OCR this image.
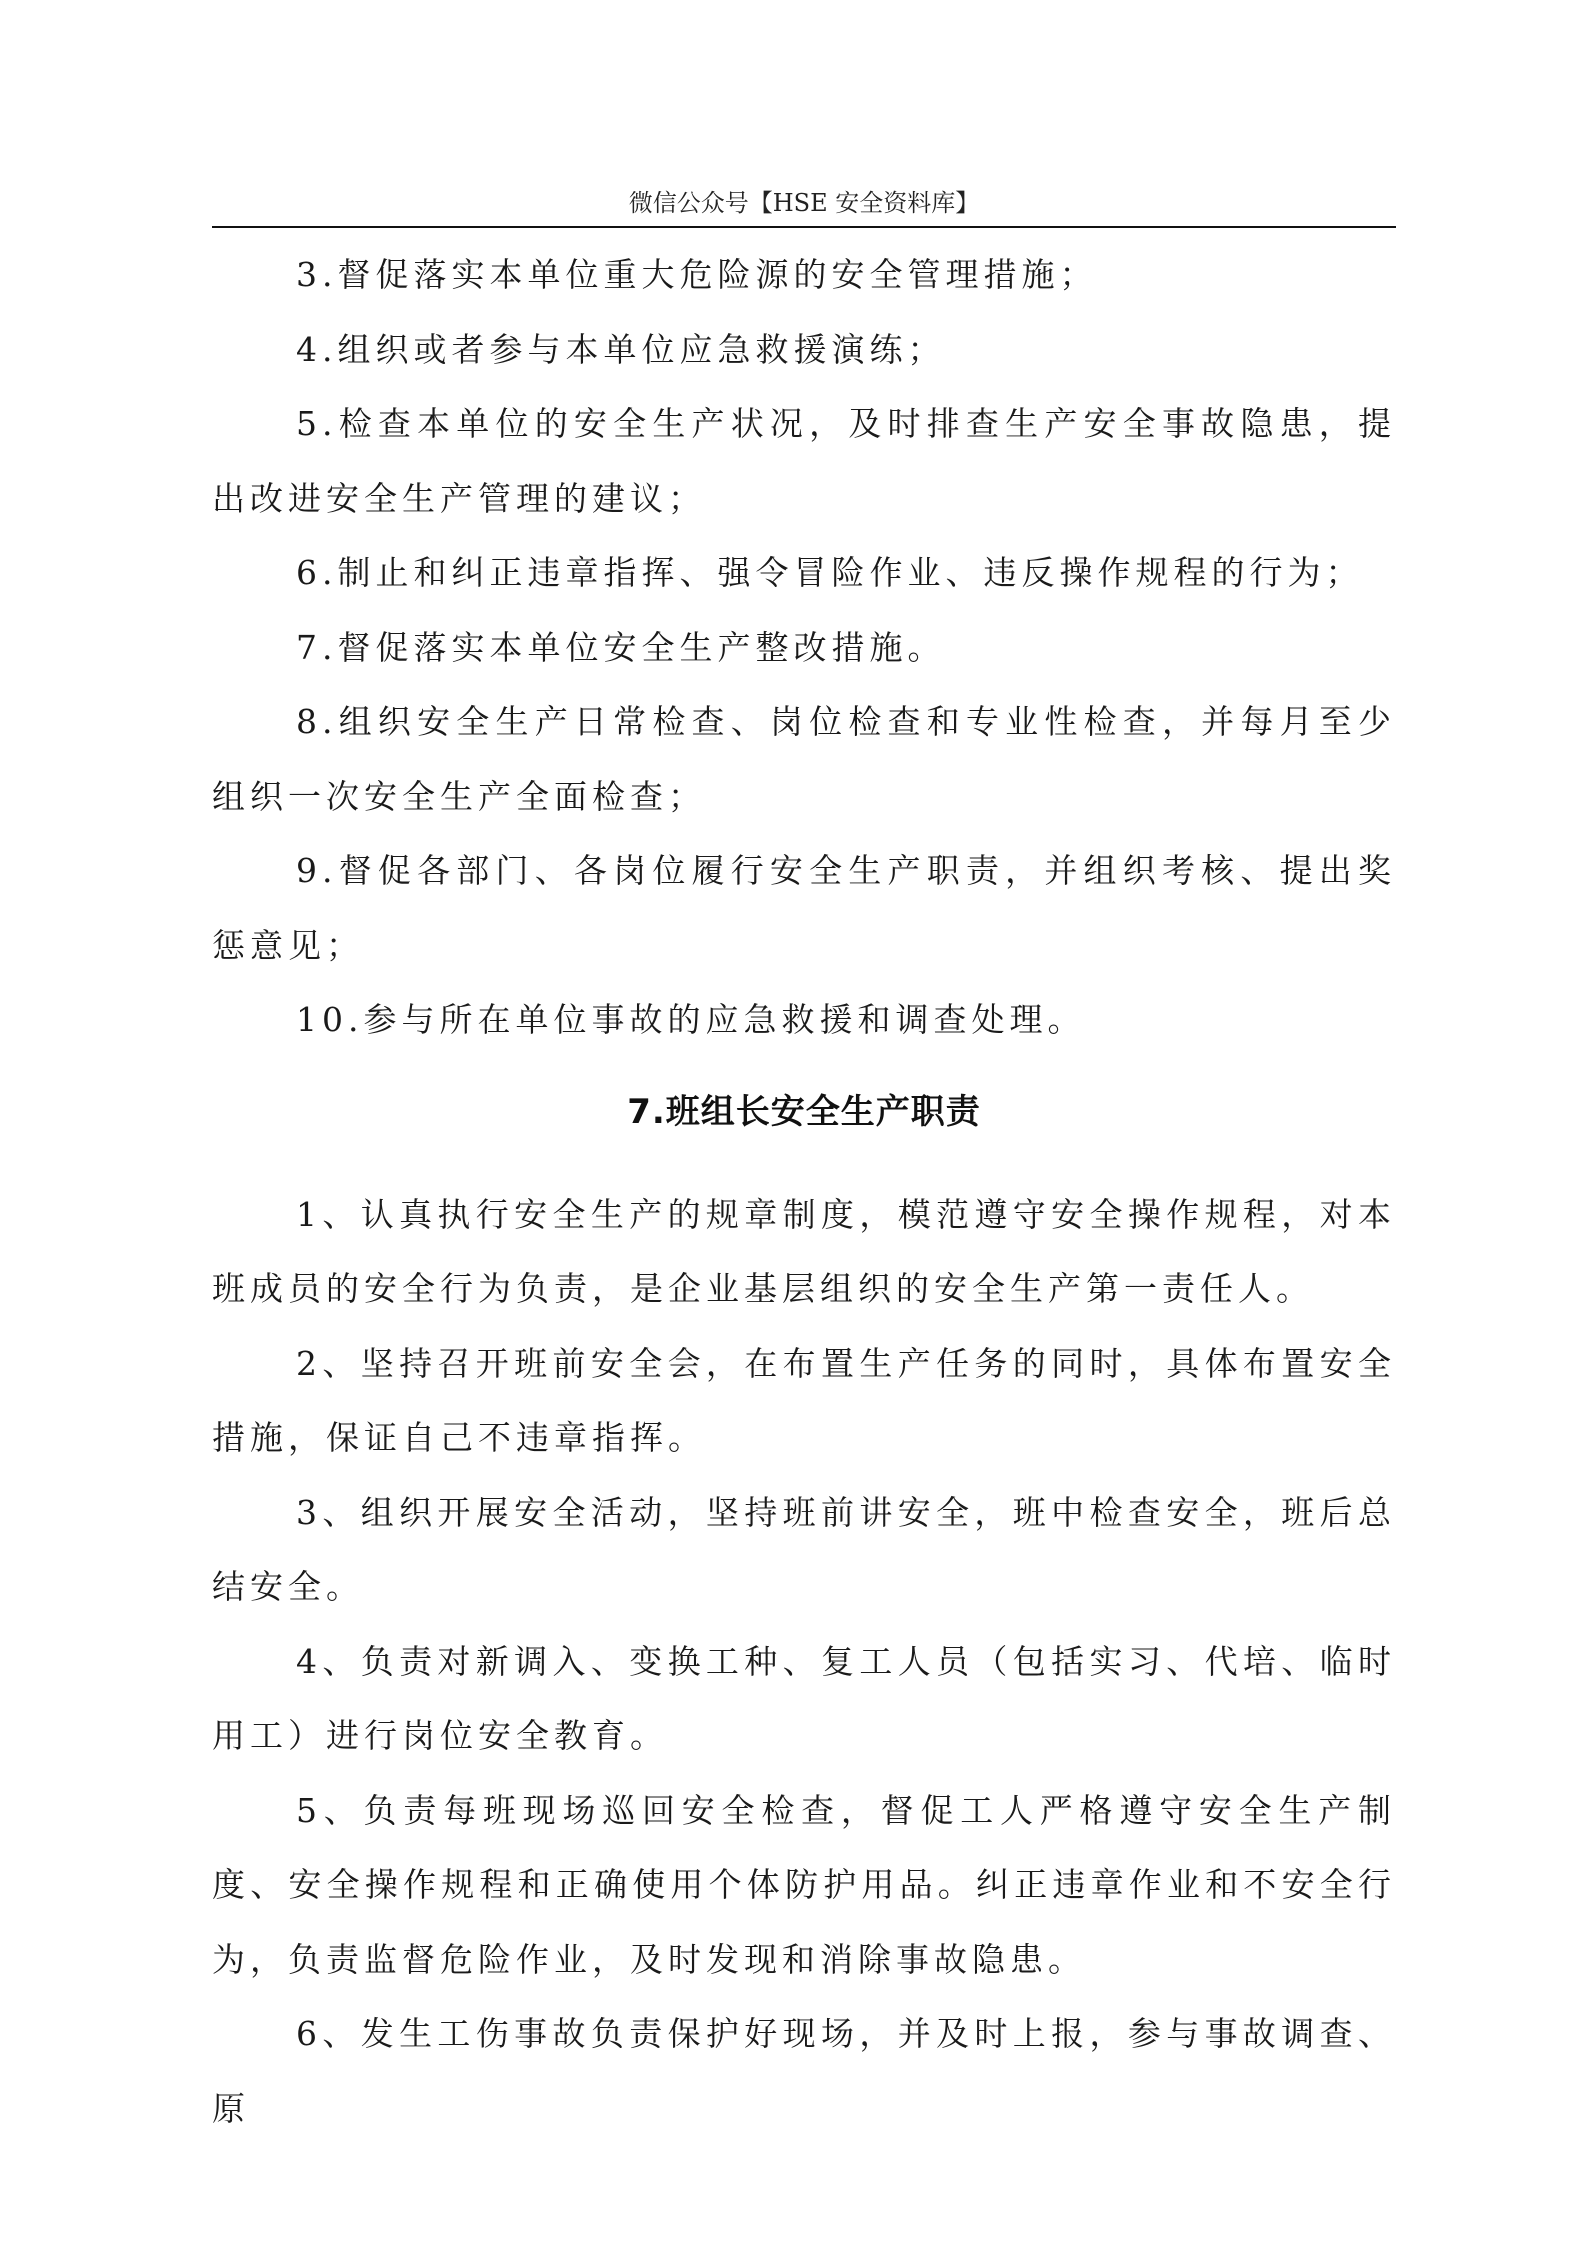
微信公众号【HSE 安全资料库】

3.督促落实本单位重大危险源的安全管理措施；

4.组织或者参与本单位应急救援演练；

5.检查本单位的安全生产状况，及时排查生产安全事故隐患，提出改进安全生产管理的建议；

6.制止和纠正违章指挥、强令冒险作业、违反操作规程的行为；

7.督促落实本单位安全生产整改措施。

8.组织安全生产日常检查、岗位检查和专业性检查，并每月至少组织一次安全生产全面检查；

9.督促各部门、各岗位履行安全生产职责，并组织考核、提出奖惩意见；

10.参与所在单位事故的应急救援和调查处理。

7.班组长安全生产职责

1、认真执行安全生产的规章制度，模范遵守安全操作规程，对本班成员的安全行为负责，是企业基层组织的安全生产第一责任人。

2、坚持召开班前安全会，在布置生产任务的同时，具体布置安全措施，保证自己不违章指挥。

3、组织开展安全活动，坚持班前讲安全，班中检查安全，班后总结安全。

4、负责对新调入、变换工种、复工人员（包括实习、代培、临时用工）进行岗位安全教育。

5、负责每班现场巡回安全检查，督促工人严格遵守安全生产制度、安全操作规程和正确使用个体防护用品。纠正违章作业和不安全行为，负责监督危险作业，及时发现和消除事故隐患。

6、发生工伤事故负责保护好现场，并及时上报，参与事故调查、原
